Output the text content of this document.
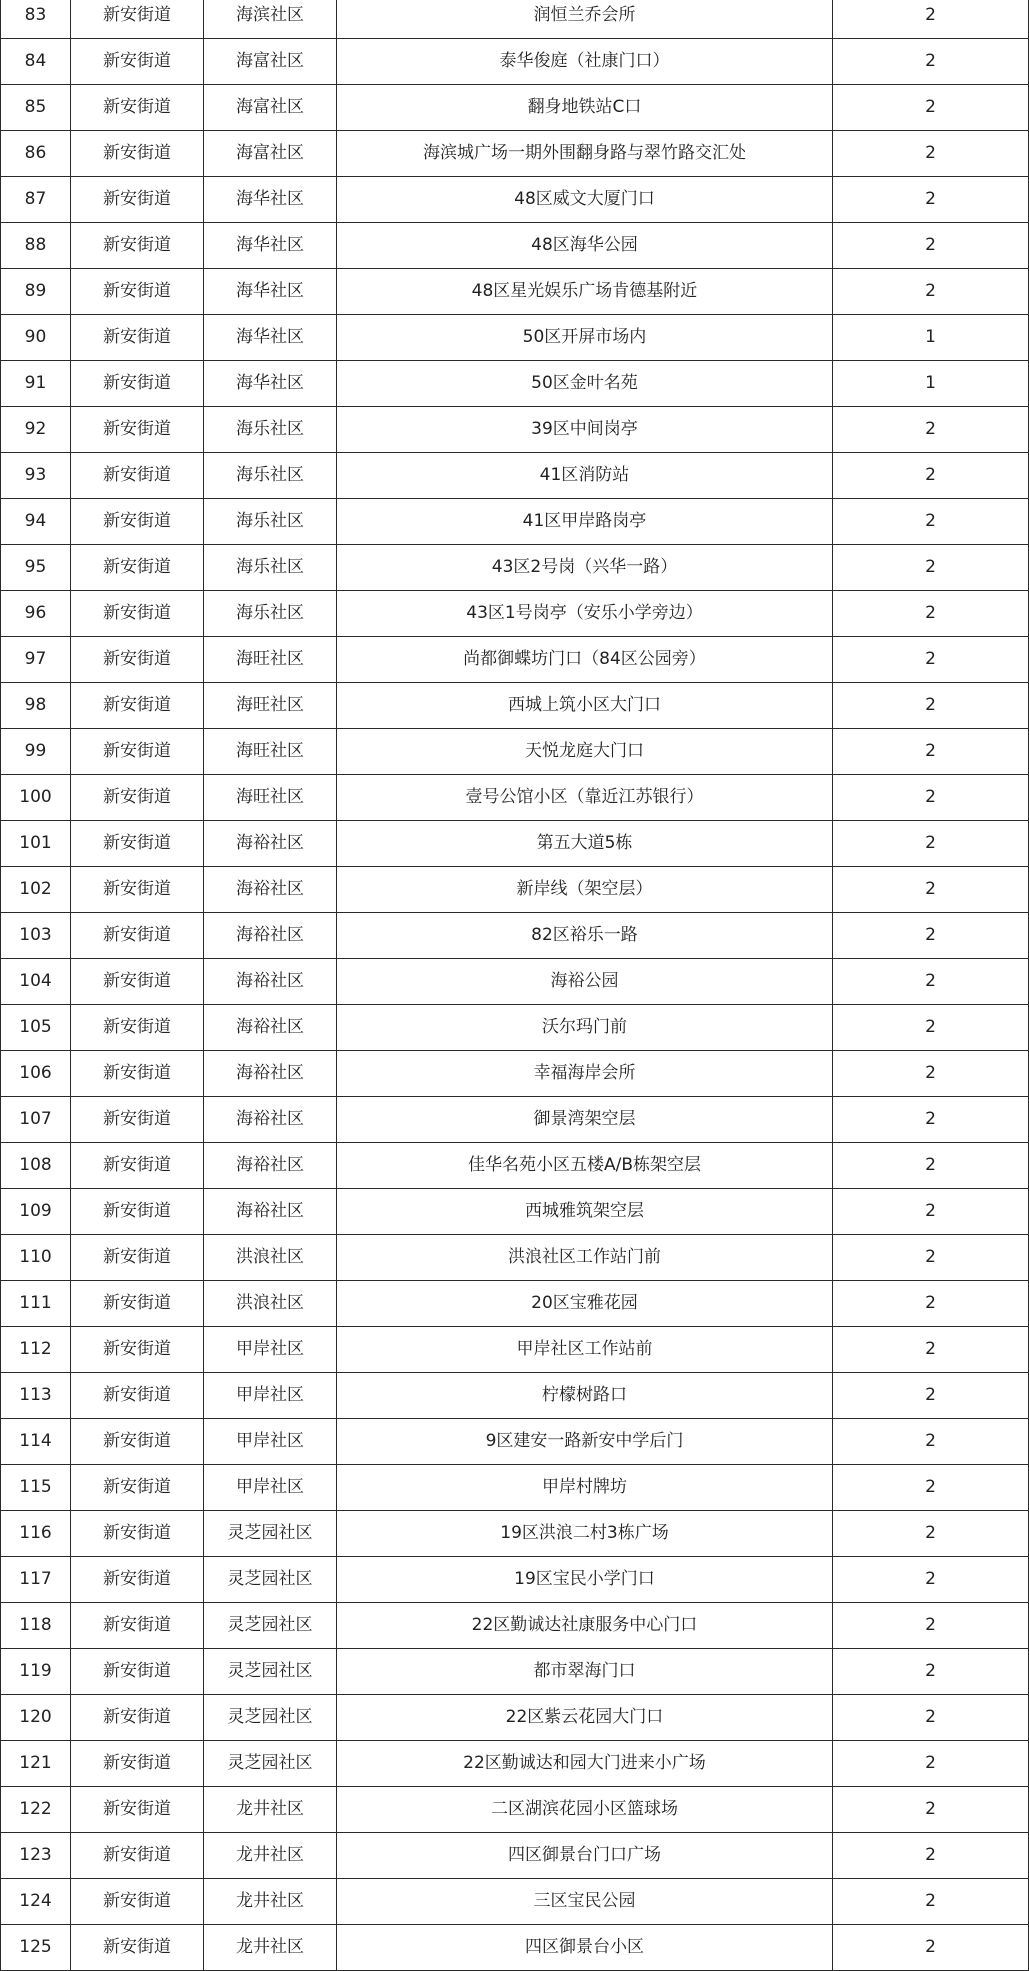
83	新安街道	海滨社区	润恒兰乔会所	2
84	新安街道	海富社区	泰华俊庭（社康门口）	2
85	新安街道	海富社区	翻身地铁站C口	2
86	新安街道	海富社区	海滨城广场一期外围翻身路与翠竹路交汇处	2
87	新安街道	海华社区	48区威文大厦门口	2
88	新安街道	海华社区	48区海华公园	2
89	新安街道	海华社区	48区星光娱乐广场肯德基附近	2
90	新安街道	海华社区	50区开屏市场内	1
91	新安街道	海华社区	50区金叶名苑	1
92	新安街道	海乐社区	39区中间岗亭	2
93	新安街道	海乐社区	41区消防站	2
94	新安街道	海乐社区	41区甲岸路岗亭	2
95	新安街道	海乐社区	43区2号岗（兴华一路）	2
96	新安街道	海乐社区	43区1号岗亭（安乐小学旁边）	2
97	新安街道	海旺社区	尚都御蝶坊门口（84区公园旁）	2
98	新安街道	海旺社区	西城上筑小区大门口	2
99	新安街道	海旺社区	天悦龙庭大门口	2
100	新安街道	海旺社区	壹号公馆小区（靠近江苏银行）	2
101	新安街道	海裕社区	第五大道5栋	2
102	新安街道	海裕社区	新岸线（架空层）	2
103	新安街道	海裕社区	82区裕乐一路	2
104	新安街道	海裕社区	海裕公园	2
105	新安街道	海裕社区	沃尔玛门前	2
106	新安街道	海裕社区	幸福海岸会所	2
107	新安街道	海裕社区	御景湾架空层	2
108	新安街道	海裕社区	佳华名苑小区五楼A/B栋架空层	2
109	新安街道	海裕社区	西城雅筑架空层	2
110	新安街道	洪浪社区	洪浪社区工作站门前	2
111	新安街道	洪浪社区	20区宝雅花园	2
112	新安街道	甲岸社区	甲岸社区工作站前	2
113	新安街道	甲岸社区	柠檬树路口	2
114	新安街道	甲岸社区	9区建安一路新安中学后门	2
115	新安街道	甲岸社区	甲岸村牌坊	2
116	新安街道	灵芝园社区	19区洪浪二村3栋广场	2
117	新安街道	灵芝园社区	19区宝民小学门口	2
118	新安街道	灵芝园社区	22区勤诚达社康服务中心门口	2
119	新安街道	灵芝园社区	都市翠海门口	2
120	新安街道	灵芝园社区	22区紫云花园大门口	2
121	新安街道	灵芝园社区	22区勤诚达和园大门进来小广场	2
122	新安街道	龙井社区	二区湖滨花园小区篮球场	2
123	新安街道	龙井社区	四区御景台门口广场	2
124	新安街道	龙井社区	三区宝民公园	2
125	新安街道	龙井社区	四区御景台小区	2
